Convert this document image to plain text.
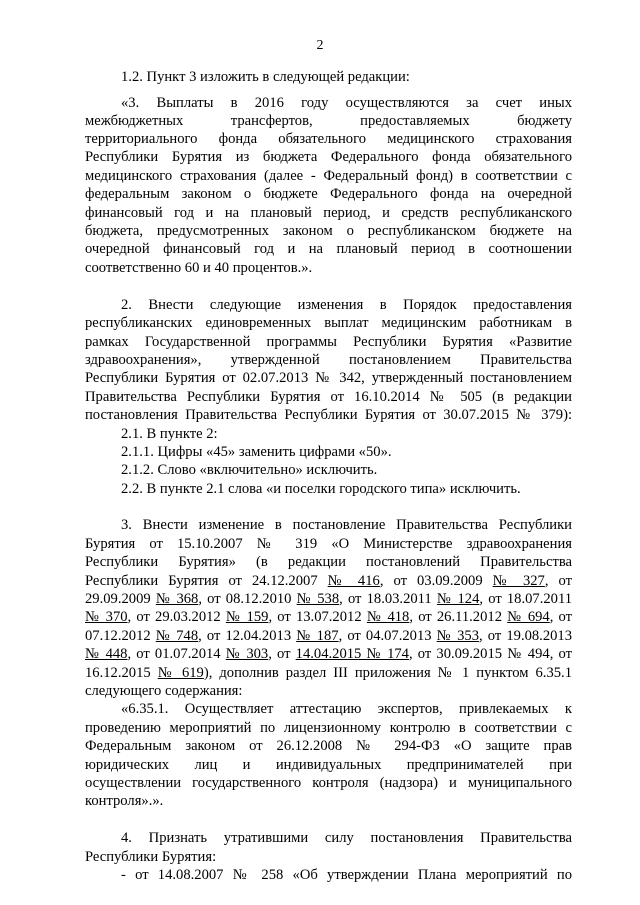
2
1.2. Пункт 3 изложить в следующей редакции:
«3. Выплаты в 2016 году осуществляются за счет иных
межбюджетных трансфертов, предоставляемых бюджету
территориального фонда обязательного медицинского страхования
Республики Бурятия из бюджета Федерального фонда обязательного
медицинского страхования (далее - Федеральный фонд) в соответствии с
федеральным законом о бюджете Федерального фонда на очередной
финансовый год и на плановый период, и средств республиканского
бюджета, предусмотренных законом о республиканском бюджете на
очередной финансовый год и на плановый период в соотношении
соответственно 60 и 40 процентов.».
2. Внести следующие изменения в Порядок предоставления
республиканских единовременных выплат медицинским работникам в
рамках Государственной программы Республики Бурятия «Развитие
здравоохранения», утвержденной постановлением Правительства
Республики Бурятия от 02.07.2013 № 342, утвержденный постановлением
Правительства Республики Бурятия от 16.10.2014 № 505 (в редакции
постановления Правительства Республики Бурятия от 30.07.2015 № 379):
2.1. В пункте 2:
2.1.1. Цифры «45» заменить цифрами «50».
2.1.2. Слово «включительно» исключить.
2.2. В пункте 2.1 слова «и поселки городского типа» исключить.
3. Внести изменение в постановление Правительства Республики
Бурятия от 15.10.2007 № 319 «О Министерстве здравоохранения
Республики Бурятия» (в редакции постановлений Правительства
Республики Бурятия от 24.12.2007 № 416, от 03.09.2009 № 327, от
29.09.2009 № 368, от 08.12.2010 № 538, от 18.03.2011 № 124, от 18.07.2011
№ 370, от 29.03.2012 № 159, от 13.07.2012 № 418, от 26.11.2012 № 694, от
07.12.2012 № 748, от 12.04.2013 № 187, от 04.07.2013 № 353, от 19.08.2013
№ 448, от 01.07.2014 № 303, от 14.04.2015 № 174, от 30.09.2015 № 494, от
16.12.2015 № 619), дополнив раздел III приложения № 1 пунктом 6.35.1
следующего содержания:
«6.35.1. Осуществляет аттестацию экспертов, привлекаемых к
проведению мероприятий по лицензионному контролю в соответствии с
Федеральным законом от 26.12.2008 № 294-ФЗ «О защите прав
юридических лиц и индивидуальных предпринимателей при
осуществлении государственного контроля (надзора) и муниципального
контроля».».
4. Признать утратившими силу постановления Правительства
Республики Бурятия:
- от 14.08.2007 № 258 «Об утверждении Плана мероприятий по
